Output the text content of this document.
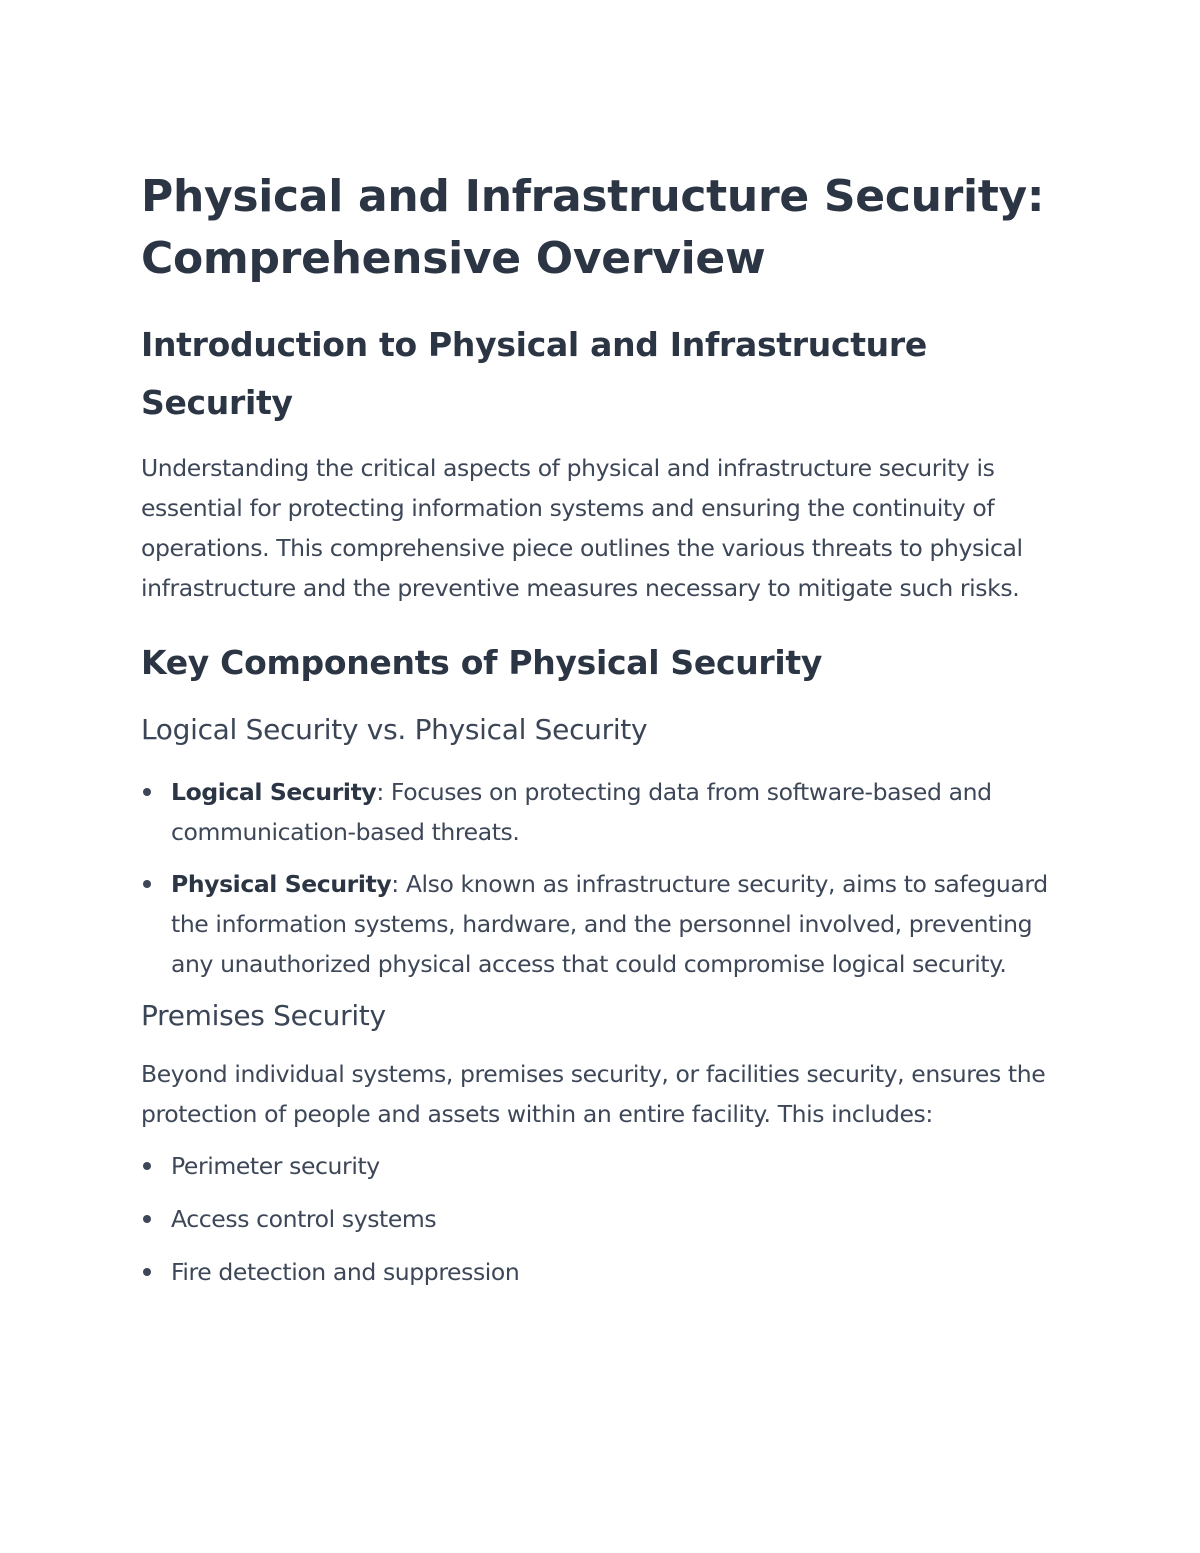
Physical and Infrastructure Security: Comprehensive Overview
Introduction to Physical and Infrastructure Security

Understanding the critical aspects of physical and infrastructure security is essential for protecting information systems and ensuring the continuity of operations. This comprehensive piece outlines the various threats to physical infrastructure and the preventive measures necessary to mitigate such risks.

Key Components of Physical Security
Logical Security vs. Physical Security
Logical Security: Focuses on protecting data from software-based and communication-based threats.
Physical Security: Also known as infrastructure security, aims to safeguard the information systems, hardware, and the personnel involved, preventing any unauthorized physical access that could compromise logical security.
Premises Security

Beyond individual systems, premises security, or facilities security, ensures the protection of people and assets within an entire facility. This includes:

Perimeter security
Access control systems
Fire detection and suppression
